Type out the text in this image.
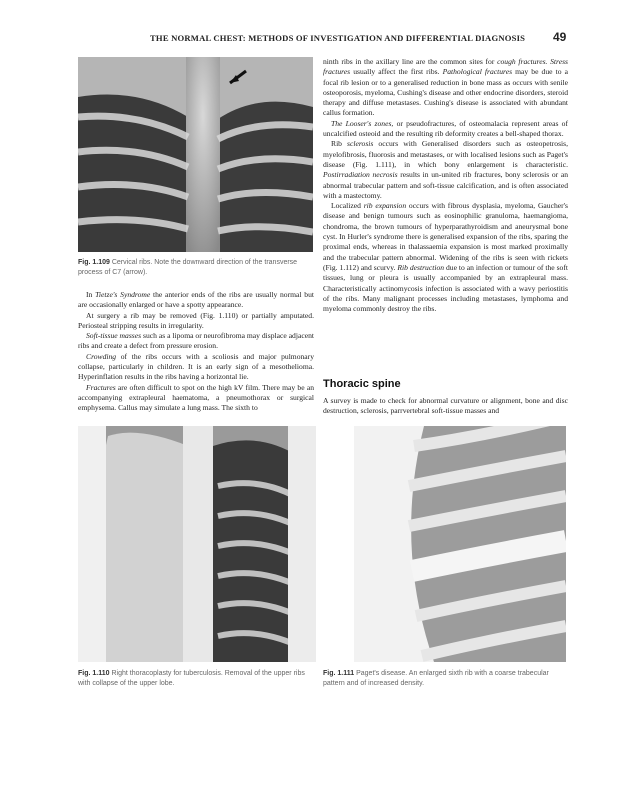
THE NORMAL CHEST: METHODS OF INVESTIGATION AND DIFFERENTIAL DIAGNOSIS	49
Fig. 1.109 Cervical ribs. Note the downward direction of the transverse process of C7 (arrow).

In Tietze's Syndrome the anterior ends of the ribs are usually normal but are occasionally enlarged or have a spotty appearance.

At surgery a rib may be removed (Fig. 1.110) or partially amputated. Periosteal stripping results in irregularity.

Soft-tissue masses such as a lipoma or neurofibroma may displace adjacent ribs and create a defect from pressure erosion.

Crowding of the ribs occurs with a scoliosis and major pulmonary collapse, particularly in children. It is an early sign of a mesothelioma. Hyperinflation results in the ribs having a horizontal lie.

Fractures are often difficult to spot on the high kV film. There may be an accompanying extrapleural haematoma, a pneumothorax or surgical emphysema. Callus may simulate a lung mass. The sixth to

ninth ribs in the axillary line are the common sites for cough fractures. Stress fractures usually affect the first ribs. Pathological fractures may be due to a focal rib lesion or to a generalised reduction in bone mass as occurs with senile osteoporosis, myeloma, Cushing's disease and other endocrine disorders, steroid therapy and diffuse metastases. Cushing's disease is associated with abundant callus formation.

The Looser's zones, or pseudofractures, of osteomalacia represent areas of uncalcified osteoid and the resulting rib deformity creates a bell-shaped thorax.

Rib sclerosis occurs with Generalised disorders such as osteopetrosis, myelofibrosis, fluorosis and metastases, or with localised lesions such as Paget's disease (Fig. 1.111), in which bony enlargement is characteristic. Postirradiation necrosis results in un-united rib fractures, bony sclerosis or an abnormal trabecular pattern and soft-tissue calcification, and is often associated with a mastectomy.

Localized rib expansion occurs with fibrous dysplasia, myeloma, Gaucher's disease and benign tumours such as eosinophilic granuloma, haemangioma, chondroma, the brown tumours of hyperparathyroidism and aneurysmal bone cyst. In Hurler's syndrome there is generalised expansion of the ribs, sparing the proximal ends, whereas in thalassaemia expansion is most marked proximally and the trabecular pattern abnormal. Widening of the ribs is seen with rickets (Fig. 1.112) and scurvy. Rib destruction due to an infection or tumour of the soft tissues, lung or pleura is usually accompanied by an extrapleural mass. Characteristically actinomycosis infection is associated with a wavy periostitis of the ribs. Many malignant processes including metastases, lymphoma and myeloma commonly destroy the ribs.

Thoracic spine

A survey is made to check for abnormal curvature or alignment, bone and disc destruction, sclerosis, parrvertebral soft-tissue masses and

Fig. 1.110 Right thoracoplasty for tuberculosis. Removal of the upper ribs with collapse of the upper lobe.
Fig. 1.111 Paget's disease. An enlarged sixth rib with a coarse trabecular pattern and of increased density.
